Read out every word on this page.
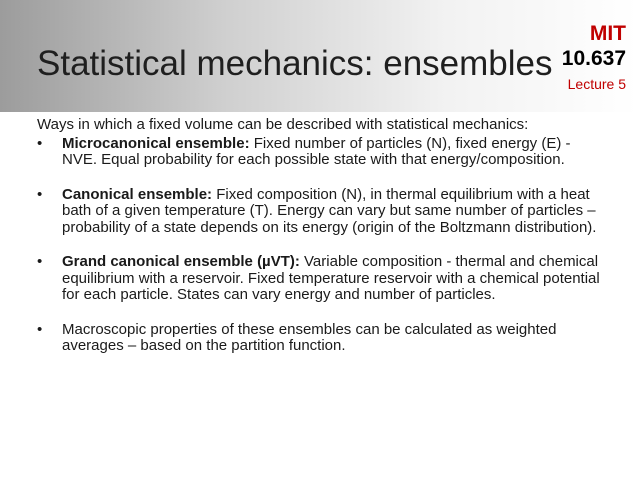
Statistical mechanics: ensembles
MIT
10.637
Lecture 5

Ways in which a fixed volume can be described with statistical mechanics:

• Microcanonical ensemble: Fixed number of particles (N), fixed energy (E) - NVE. Equal probability for each possible state with that energy/composition.
• Canonical ensemble: Fixed composition (N), in thermal equilibrium with a heat bath of a given temperature (T). Energy can vary but same number of particles – probability of a state depends on its energy (origin of the Boltzmann distribution).
• Grand canonical ensemble (µVT): Variable composition - thermal and chemical equilibrium with a reservoir. Fixed temperature reservoir with a chemical potential for each particle. States can vary energy and number of particles.
• Macroscopic properties of these ensembles can be calculated as weighted averages – based on the partition function.
